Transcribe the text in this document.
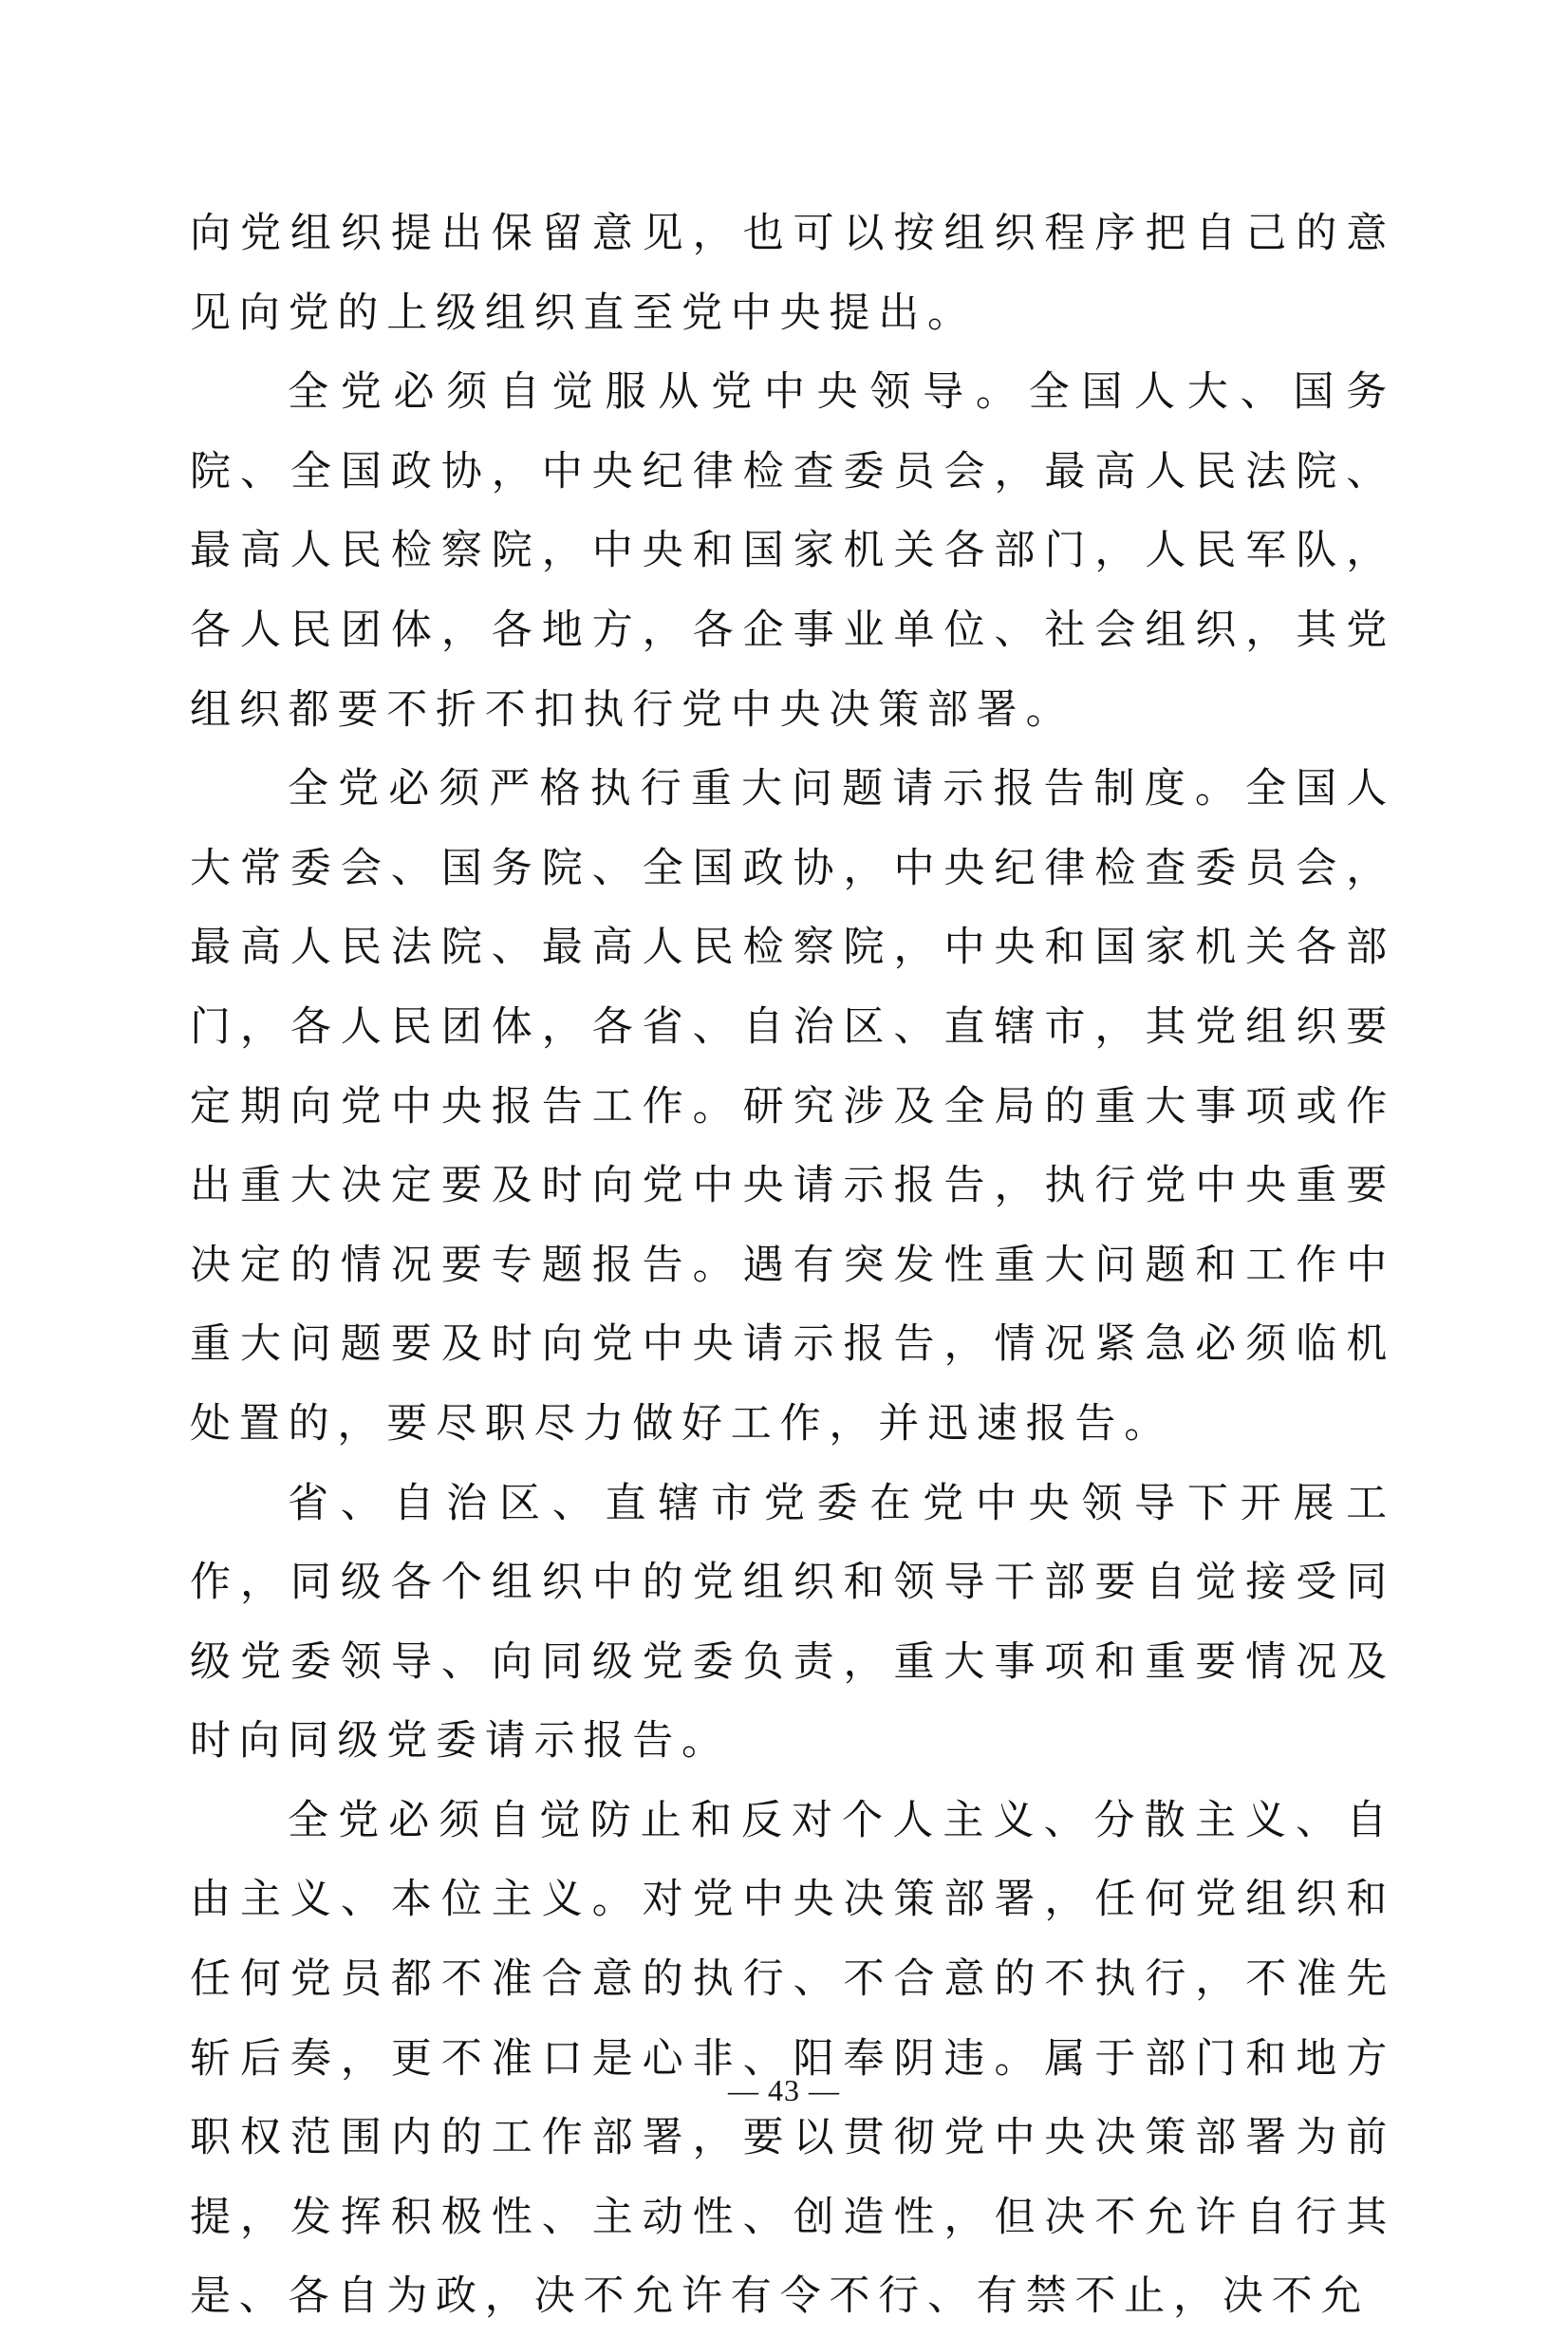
向党组织提出保留意见，也可以按组织程序把自己的意见向党的上级组织直至党中央提出。

全党必须自觉服从党中央领导。全国人大、国务院、全国政协，中央纪律检查委员会，最高人民法院、最高人民检察院，中央和国家机关各部门，人民军队，各人民团体，各地方，各企事业单位、社会组织，其党组织都要不折不扣执行党中央决策部署。

全党必须严格执行重大问题请示报告制度。全国人大常委会、国务院、全国政协，中央纪律检查委员会，最高人民法院、最高人民检察院，中央和国家机关各部门，各人民团体，各省、自治区、直辖市，其党组织要定期向党中央报告工作。研究涉及全局的重大事项或作出重大决定要及时向党中央请示报告，执行党中央重要决定的情况要专题报告。遇有突发性重大问题和工作中重大问题要及时向党中央请示报告，情况紧急必须临机处置的，要尽职尽力做好工作，并迅速报告。

省、自治区、直辖市党委在党中央领导下开展工作，同级各个组织中的党组织和领导干部要自觉接受同级党委领导、向同级党委负责，重大事项和重要情况及时向同级党委请示报告。

全党必须自觉防止和反对个人主义、分散主义、自由主义、本位主义。对党中央决策部署，任何党组织和任何党员都不准合意的执行、不合意的不执行，不准先斩后奏，更不准口是心非、阳奉阴违。属于部门和地方职权范围内的工作部署，要以贯彻党中央决策部署为前提，发挥积极性、主动性、创造性，但决不允许自行其是、各自为政，决不允许有令不行、有禁不止，决不允

— 43 —
